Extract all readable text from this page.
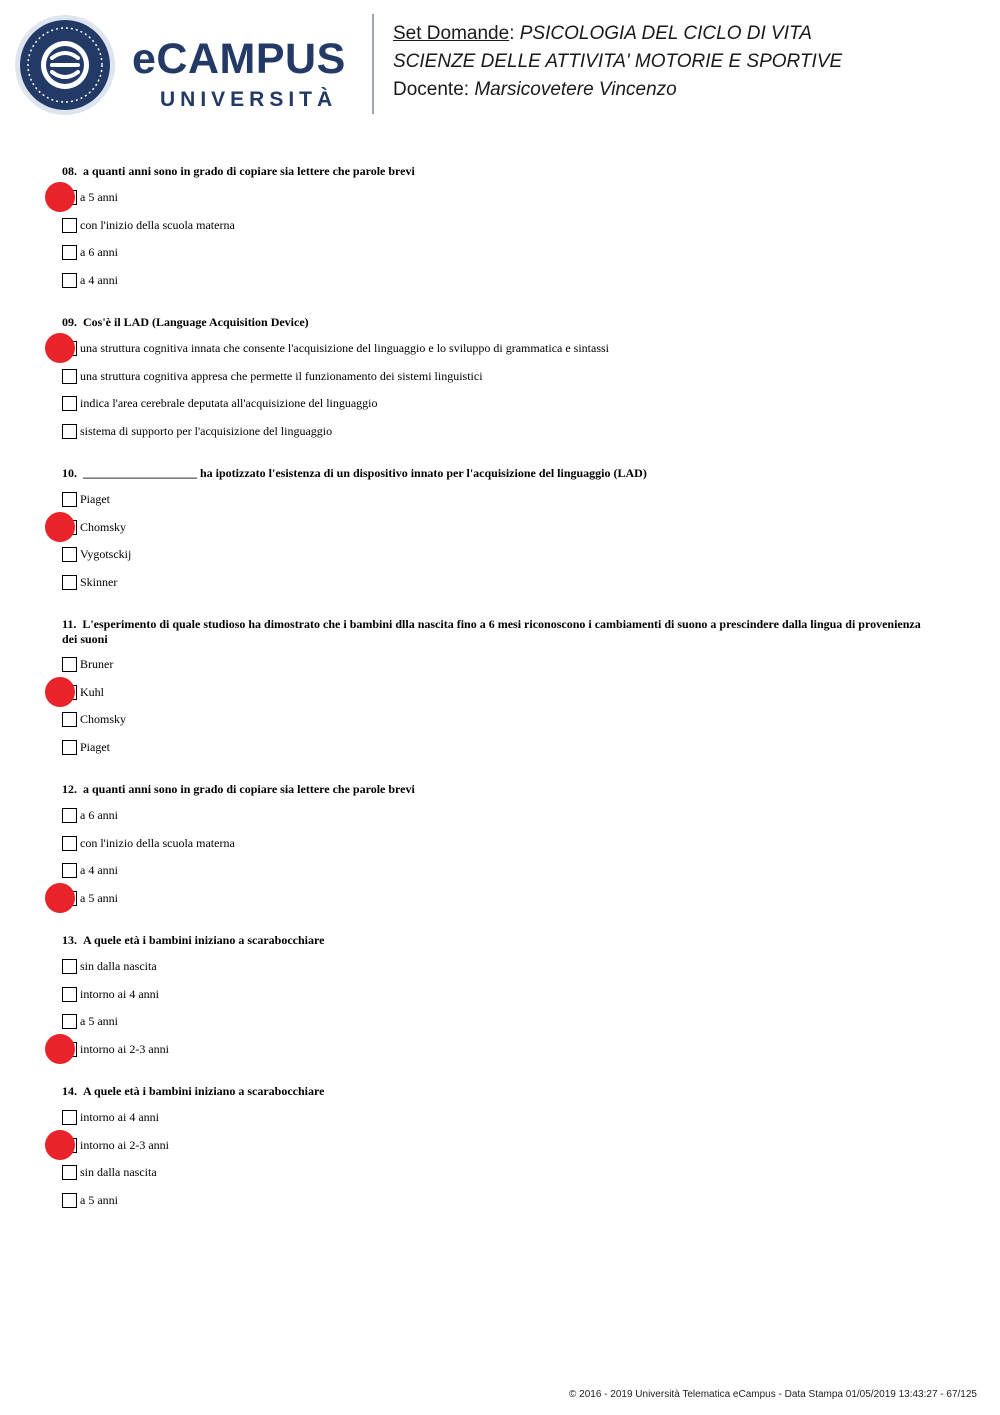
eCAMPUS
UNIVERSITÀ
Set Domande: PSICOLOGIA DEL CICLO DI VITA
SCIENZE DELLE ATTIVITA' MOTORIE E SPORTIVE
Docente: Marsicovetere Vincenzo
08. a quanti anni sono in grado di copiare sia lettere che parole brevi
a 5 anni
con l'inizio della scuola materna
a 6 anni
a 4 anni
09. Cos'è il LAD (Language Acquisition Device)
una struttura cognitiva innata che consente l'acquisizione del linguaggio e lo sviluppo di grammatica e sintassi
una struttura cognitiva appresa che permette il funzionamento dei sistemi linguistici
indica l'area cerebrale deputata all'acquisizione del linguaggio
sistema di supporto per l'acquisizione del linguaggio
10. ___________________ ha ipotizzato l'esistenza di un dispositivo innato per l'acquisizione del linguaggio (LAD)
Piaget
Chomsky
Vygotsckij
Skinner
11. L'esperimento di quale studioso ha dimostrato che i bambini dlla nascita fino a 6 mesi riconoscono i cambiamenti di suono a prescindere dalla lingua di provenienza dei suoni
Bruner
Kuhl
Chomsky
Piaget
12. a quanti anni sono in grado di copiare sia lettere che parole brevi
a 6 anni
con l'inizio della scuola materna
a 4 anni
a 5 anni
13. A quele età i bambini iniziano a scarabocchiare
sin dalla nascita
intorno ai 4 anni
a 5 anni
intorno ai 2-3 anni
14. A quele età i bambini iniziano a scarabocchiare
intorno ai 4 anni
intorno ai 2-3 anni
sin dalla nascita
a 5 anni
© 2016 - 2019 Università Telematica eCampus - Data Stampa 01/05/2019 13:43:27 - 67/125
